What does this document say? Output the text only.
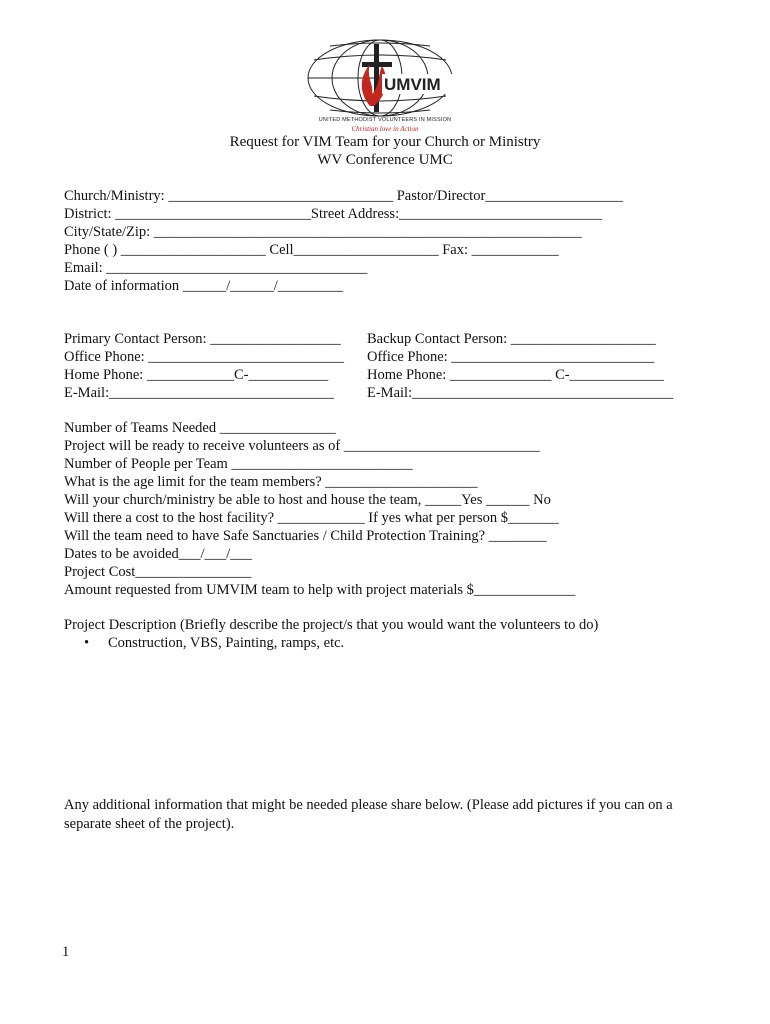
UMVIM
UNITED METHODIST VOLUNTEERS IN MISSION
Christian love in Action
Request for VIM Team for your Church or Ministry
WV Conference UMC
Church/Ministry: _______________________________ Pastor/Director___________________
District: ___________________________Street Address:____________________________
City/State/Zip: ___________________________________________________________
Phone ( ) ____________________ Cell____________________ Fax: ____________
Email: ____________________________________
Date of information ______/______/_________
Primary Contact Person: __________________
Office Phone: ___________________________
Home Phone: ____________C-___________
E-Mail:_______________________________
Backup Contact Person: ____________________
Office Phone: ____________________________
Home Phone: ______________ C-_____________
E-Mail:____________________________________
Number of Teams Needed ________________
Project will be ready to receive volunteers as of ___________________________
Number of People per Team _________________________
What is the age limit for the team members? _____________________
Will your church/ministry be able to host and house the team, _____Yes ______ No
Will there a cost to the host facility? ____________ If yes what per person $_______
Will the team need to have Safe Sanctuaries / Child Protection Training? ________
Dates to be avoided___/___/___
Project Cost________________
Amount requested from UMVIM team to help with project materials $______________
Project Description (Briefly describe the project/s that you would want the volunteers to do)
• Construction, VBS, Painting, ramps, etc.
Any additional information that might be needed please share below. (Please add pictures if you can on a
separate sheet of the project).
1
